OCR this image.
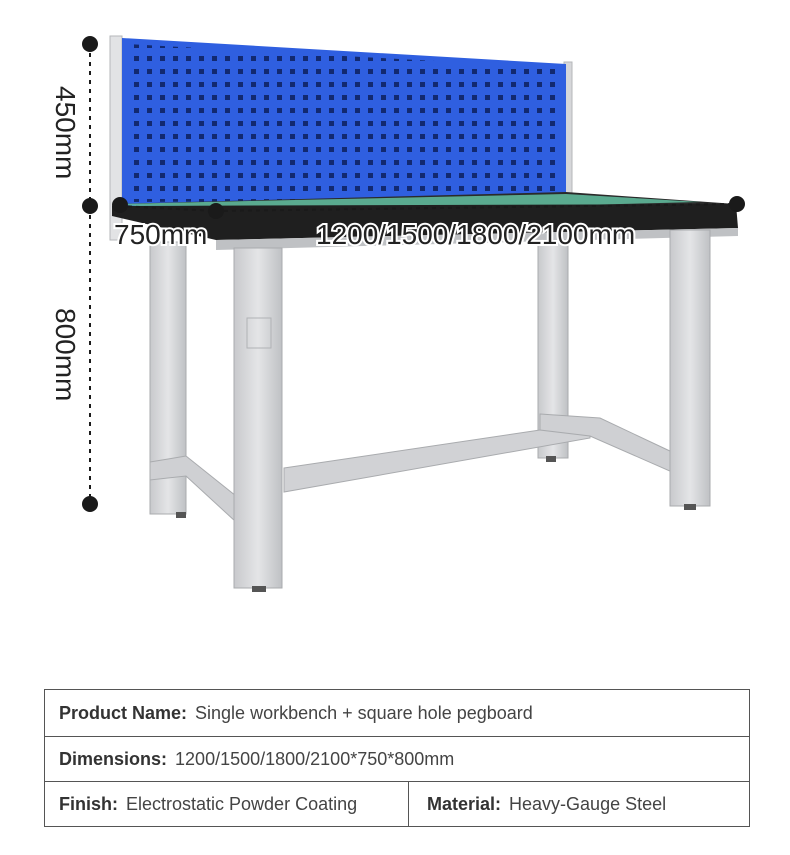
450mm
800mm
750mm	1200/1500/1800/2100mm
Product Name: Single workbench + square hole pegboard
Dimensions: 1200/1500/1800/2100*750*800mm
Finish: Electrostatic Powder Coating	Material: Heavy-Gauge Steel
